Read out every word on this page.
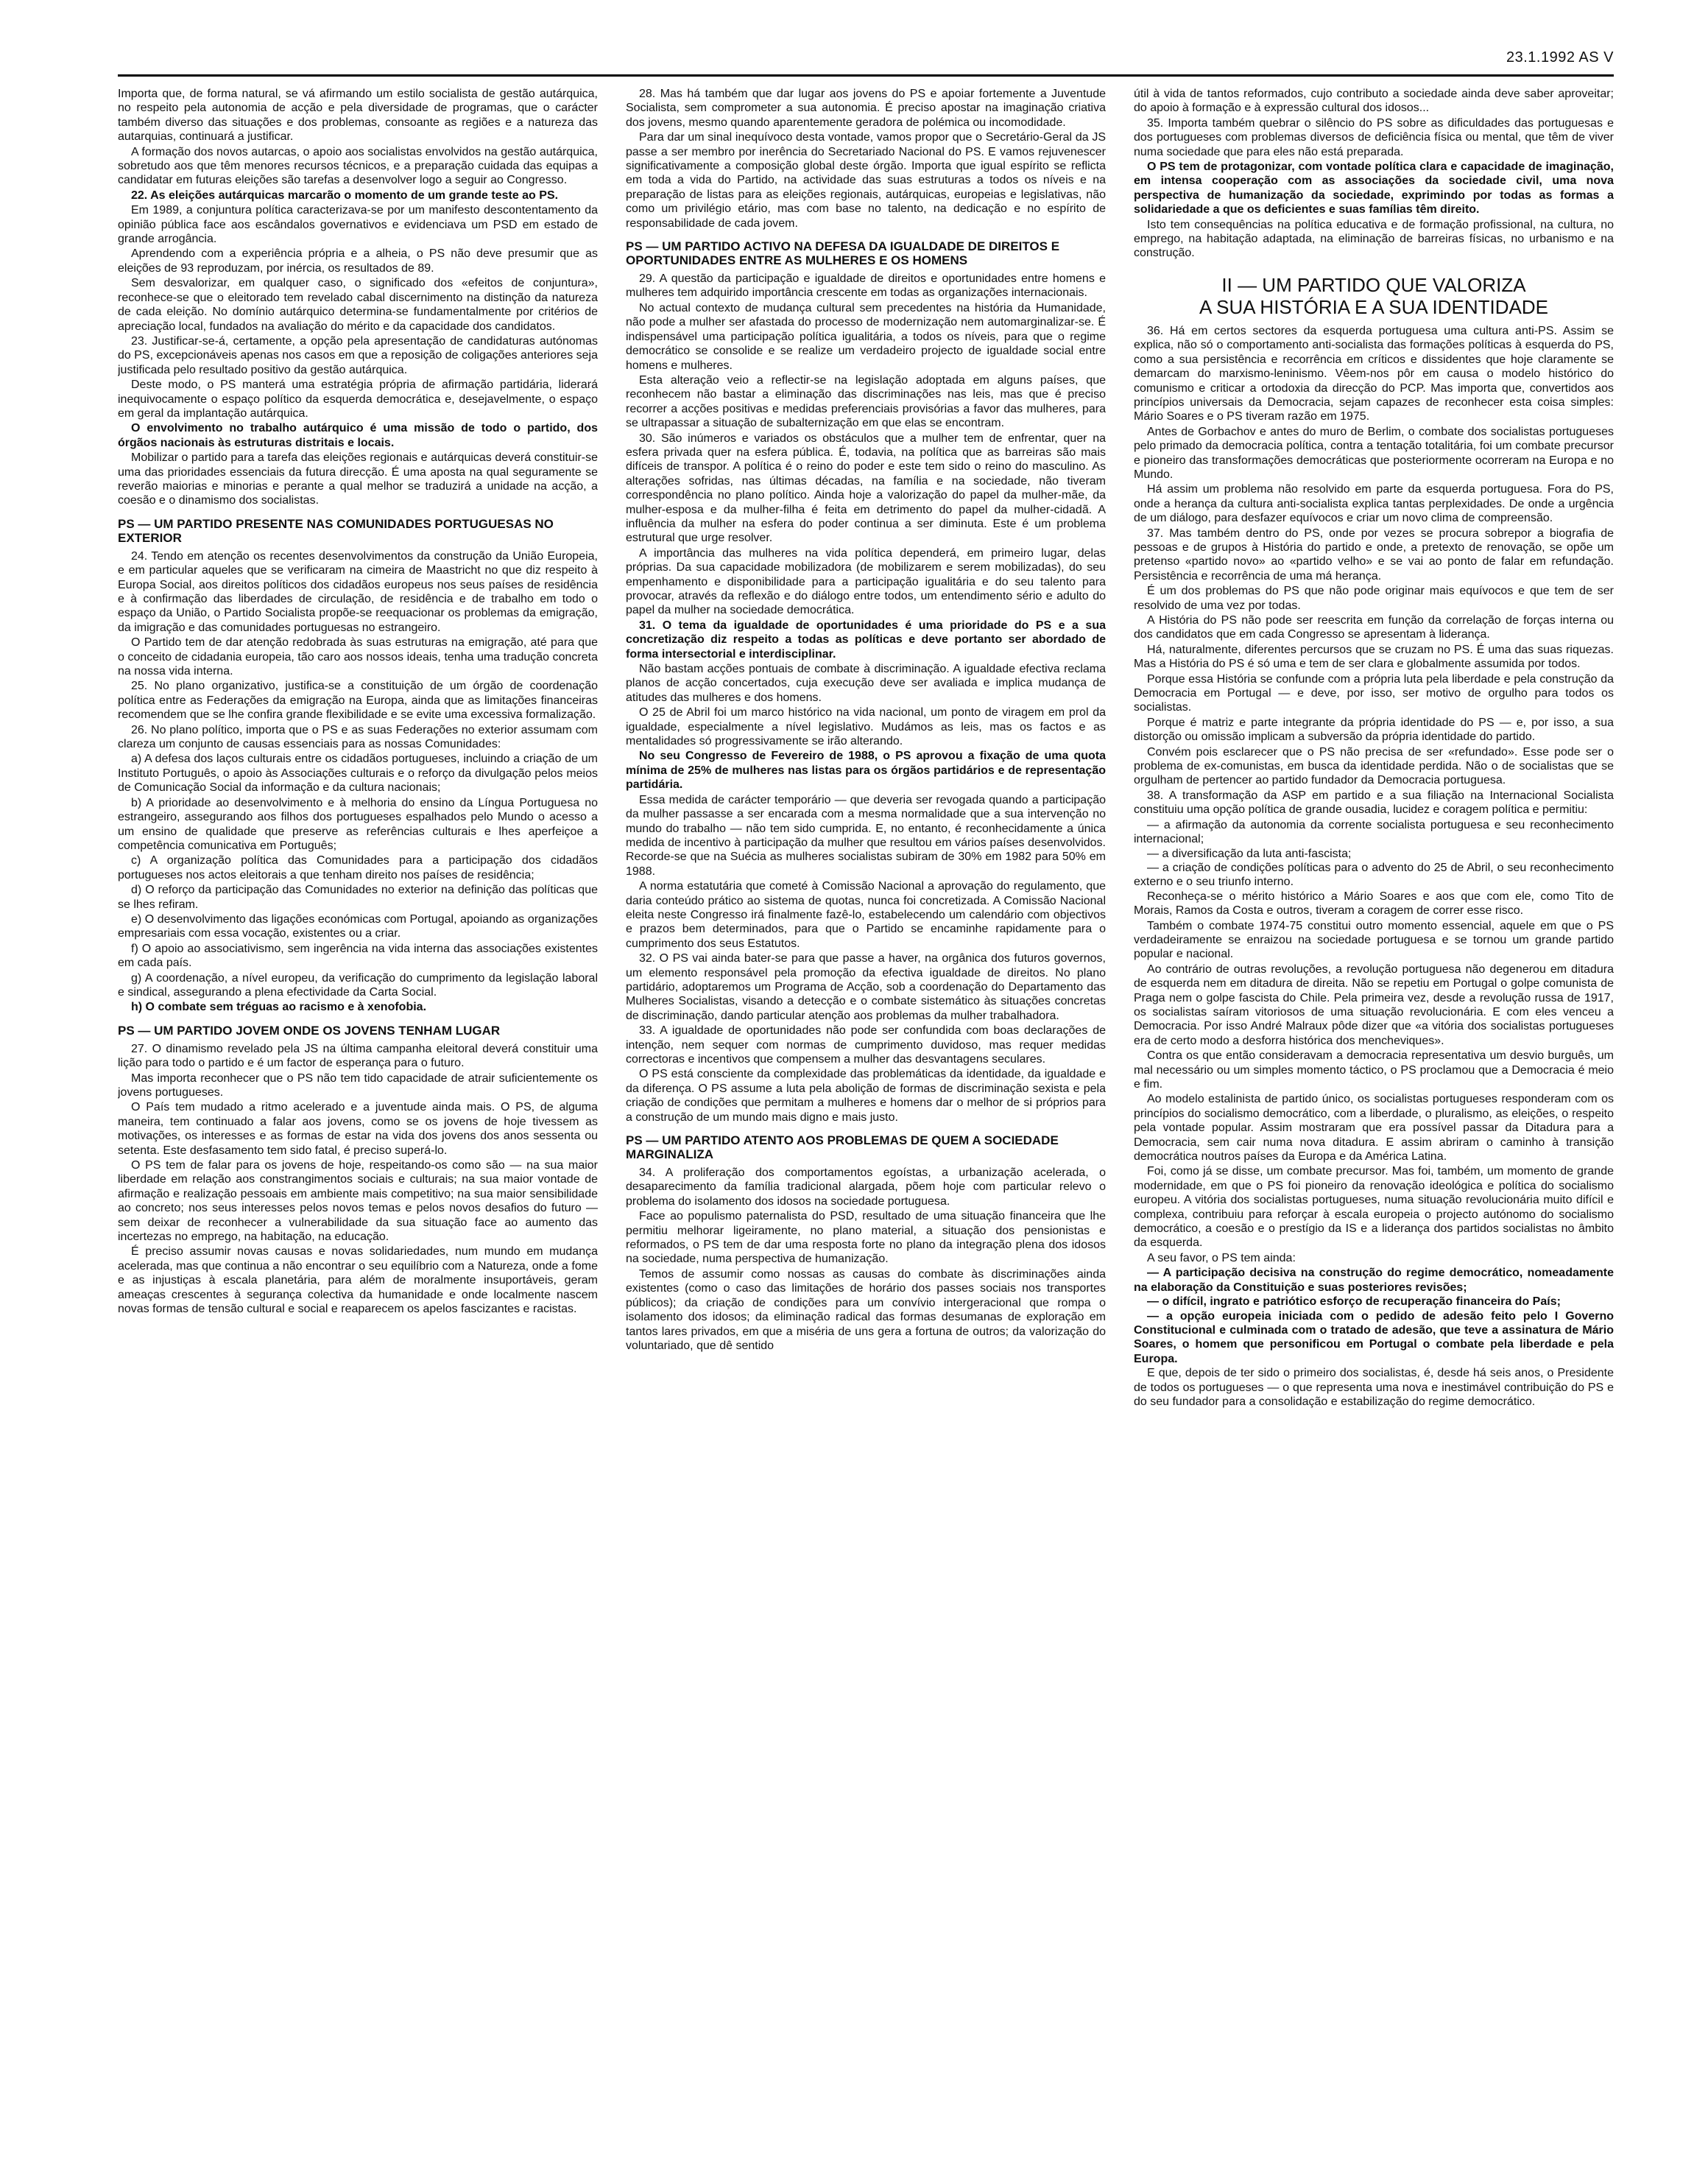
23.1.1992 AS V

Importa que, de forma natural, se vá afirmando um estilo socialista de gestão autárquica, no respeito pela autonomia de acção e pela diversidade de programas, que o carácter também diverso das situações e dos problemas, consoante as regiões e a natureza das autarquias, continuará a justificar.

A formação dos novos autarcas, o apoio aos socialistas envolvidos na gestão autárquica, sobretudo aos que têm menores recursos técnicos, e a preparação cuidada das equipas a candidatar em futuras eleições são tarefas a desenvolver logo a seguir ao Congresso.

22. As eleições autárquicas marcarão o momento de um grande teste ao PS.

Em 1989, a conjuntura política caracterizava-se por um manifesto descontentamento da opinião pública face aos escândalos governativos e evidenciava um PSD em estado de grande arrogância.

Aprendendo com a experiência própria e a alheia, o PS não deve presumir que as eleições de 93 reproduzam, por inércia, os resultados de 89.

Sem desvalorizar, em qualquer caso, o significado dos «efeitos de conjuntura», reconhece-se que o eleitorado tem revelado cabal discernimento na distinção da natureza de cada eleição. No domínio autárquico determina-se fundamentalmente por critérios de apreciação local, fundados na avaliação do mérito e da capacidade dos candidatos.

23. Justificar-se-á, certamente, a opção pela apresentação de candidaturas autónomas do PS, excepcionáveis apenas nos casos em que a reposição de coligações anteriores seja justificada pelo resultado positivo da gestão autárquica.

Deste modo, o PS manterá uma estratégia própria de afirmação partidária, liderará inequivocamente o espaço político da esquerda democrática e, desejavelmente, o espaço em geral da implantação autárquica.

O envolvimento no trabalho autárquico é uma missão de todo o partido, dos órgãos nacionais às estruturas distritais e locais.

Mobilizar o partido para a tarefa das eleições regionais e autárquicas deverá constituir-se uma das prioridades essenciais da futura direcção. É uma aposta na qual seguramente se reverão maiorias e minorias e perante a qual melhor se traduzirá a unidade na acção, a coesão e o dinamismo dos socialistas.

PS — UM PARTIDO PRESENTE NAS COMUNIDADES PORTUGUESAS NO EXTERIOR

24. Tendo em atenção os recentes desenvolvimentos da construção da União Europeia, e em particular aqueles que se verificaram na cimeira de Maastricht no que diz respeito à Europa Social, aos direitos políticos dos cidadãos europeus nos seus países de residência e à confirmação das liberdades de circulação, de residência e de trabalho em todo o espaço da União, o Partido Socialista propõe-se reequacionar os problemas da emigração, da imigração e das comunidades portuguesas no estrangeiro.

O Partido tem de dar atenção redobrada às suas estruturas na emigração, até para que o conceito de cidadania europeia, tão caro aos nossos ideais, tenha uma tradução concreta na nossa vida interna.

25. No plano organizativo, justifica-se a constituição de um órgão de coordenação política entre as Federações da emigração na Europa, ainda que as limitações financeiras recomendem que se lhe confira grande flexibilidade e se evite uma excessiva formalização.

26. No plano político, importa que o PS e as suas Federações no exterior assumam com clareza um conjunto de causas essenciais para as nossas Comunidades:

a) A defesa dos laços culturais entre os cidadãos portugueses, incluindo a criação de um Instituto Português, o apoio às Associações culturais e o reforço da divulgação pelos meios de Comunicação Social da informação e da cultura nacionais;

b) A prioridade ao desenvolvimento e à melhoria do ensino da Língua Portuguesa no estrangeiro, assegurando aos filhos dos portugueses espalhados pelo Mundo o acesso a um ensino de qualidade que preserve as referências culturais e lhes aperfeiçoe a competência comunicativa em Português;

c) A organização política das Comunidades para a participação dos cidadãos portugueses nos actos eleitorais a que tenham direito nos países de residência;

d) O reforço da participação das Comunidades no exterior na definição das políticas que se lhes refiram.

e) O desenvolvimento das ligações económicas com Portugal, apoiando as organizações empresariais com essa vocação, existentes ou a criar.

f) O apoio ao associativismo, sem ingerência na vida interna das associações existentes em cada país.

g) A coordenação, a nível europeu, da verificação do cumprimento da legislação laboral e sindical, assegurando a plena efectividade da Carta Social.

h) O combate sem tréguas ao racismo e à xenofobia.

PS — UM PARTIDO JOVEM ONDE OS JOVENS TENHAM LUGAR

27. O dinamismo revelado pela JS na última campanha eleitoral deverá constituir uma lição para todo o partido e é um factor de esperança para o futuro.

Mas importa reconhecer que o PS não tem tido capacidade de atrair suficientemente os jovens portugueses.

O País tem mudado a ritmo acelerado e a juventude ainda mais. O PS, de alguma maneira, tem continuado a falar aos jovens, como se os jovens de hoje tivessem as motivações, os interesses e as formas de estar na vida dos jovens dos anos sessenta ou setenta. Este desfasamento tem sido fatal, é preciso superá-lo.

O PS tem de falar para os jovens de hoje, respeitando-os como são — na sua maior liberdade em relação aos constrangimentos sociais e culturais; na sua maior vontade de afirmação e realização pessoais em ambiente mais competitivo; na sua maior sensibilidade ao concreto; nos seus interesses pelos novos temas e pelos novos desafios do futuro — sem deixar de reconhecer a vulnerabilidade da sua situação face ao aumento das incertezas no emprego, na habitação, na educação.

É preciso assumir novas causas e novas solidariedades, num mundo em mudança acelerada, mas que continua a não encontrar o seu equilíbrio com a Natureza, onde a fome e as injustiças à escala planetária, para além de moralmente insuportáveis, geram ameaças crescentes à segurança colectiva da humanidade e onde localmente nascem novas formas de tensão cultural e social e reaparecem os apelos fascizantes e racistas.

28. Mas há também que dar lugar aos jovens do PS e apoiar fortemente a Juventude Socialista, sem comprometer a sua autonomia. É preciso apostar na imaginação criativa dos jovens, mesmo quando aparentemente geradora de polémica ou incomodidade.

Para dar um sinal inequívoco desta vontade, vamos propor que o Secretário-Geral da JS passe a ser membro por inerência do Secretariado Nacional do PS. E vamos rejuvenescer significativamente a composição global deste órgão. Importa que igual espírito se reflicta em toda a vida do Partido, na actividade das suas estruturas a todos os níveis e na preparação de listas para as eleições regionais, autárquicas, europeias e legislativas, não como um privilégio etário, mas com base no talento, na dedicação e no espírito de responsabilidade de cada jovem.

PS — UM PARTIDO ACTIVO NA DEFESA DA IGUALDADE DE DIREITOS E OPORTUNIDADES ENTRE AS MULHERES E OS HOMENS

29. A questão da participação e igualdade de direitos e oportunidades entre homens e mulheres tem adquirido importância crescente em todas as organizações internacionais.

No actual contexto de mudança cultural sem precedentes na história da Humanidade, não pode a mulher ser afastada do processo de modernização nem automarginalizar-se. É indispensável uma participação política igualitária, a todos os níveis, para que o regime democrático se consolide e se realize um verdadeiro projecto de igualdade social entre homens e mulheres.

Esta alteração veio a reflectir-se na legislação adoptada em alguns países, que reconhecem não bastar a eliminação das discriminações nas leis, mas que é preciso recorrer a acções positivas e medidas preferenciais provisórias a favor das mulheres, para se ultrapassar a situação de subalternização em que elas se encontram.

30. São inúmeros e variados os obstáculos que a mulher tem de enfrentar, quer na esfera privada quer na esfera pública. É, todavia, na política que as barreiras são mais difíceis de transpor. A política é o reino do poder e este tem sido o reino do masculino. As alterações sofridas, nas últimas décadas, na família e na sociedade, não tiveram correspondência no plano político. Ainda hoje a valorização do papel da mulher-mãe, da mulher-esposa e da mulher-filha é feita em detrimento do papel da mulher-cidadã. A influência da mulher na esfera do poder continua a ser diminuta. Este é um problema estrutural que urge resolver.

A importância das mulheres na vida política dependerá, em primeiro lugar, delas próprias. Da sua capacidade mobilizadora (de mobilizarem e serem mobilizadas), do seu empenhamento e disponibilidade para a participação igualitária e do seu talento para provocar, através da reflexão e do diálogo entre todos, um entendimento sério e adulto do papel da mulher na sociedade democrática.

31. O tema da igualdade de oportunidades é uma prioridade do PS e a sua concretização diz respeito a todas as políticas e deve portanto ser abordado de forma intersectorial e interdisciplinar.

Não bastam acções pontuais de combate à discriminação. A igualdade efectiva reclama planos de acção concertados, cuja execução deve ser avaliada e implica mudança de atitudes das mulheres e dos homens.

O 25 de Abril foi um marco histórico na vida nacional, um ponto de viragem em prol da igualdade, especialmente a nível legislativo. Mudámos as leis, mas os factos e as mentalidades só progressivamente se irão alterando.

No seu Congresso de Fevereiro de 1988, o PS aprovou a fixação de uma quota mínima de 25% de mulheres nas listas para os órgãos partidários e de representação partidária.

Essa medida de carácter temporário — que deveria ser revogada quando a participação da mulher passasse a ser encarada com a mesma normalidade que a sua intervenção no mundo do trabalho — não tem sido cumprida. E, no entanto, é reconhecidamente a única medida de incentivo à participação da mulher que resultou em vários países desenvolvidos. Recorde-se que na Suécia as mulheres socialistas subiram de 30% em 1982 para 50% em 1988.

A norma estatutária que cometé à Comissão Nacional a aprovação do regulamento, que daria conteúdo prático ao sistema de quotas, nunca foi concretizada. A Comissão Nacional eleita neste Congresso irá finalmente fazê-lo, estabelecendo um calendário com objectivos e prazos bem determinados, para que o Partido se encaminhe rapidamente para o cumprimento dos seus Estatutos.

32. O PS vai ainda bater-se para que passe a haver, na orgânica dos futuros governos, um elemento responsável pela promoção da efectiva igualdade de direitos. No plano partidário, adoptaremos um Programa de Acção, sob a coordenação do Departamento das Mulheres Socialistas, visando a detecção e o combate sistemático às situações concretas de discriminação, dando particular atenção aos problemas da mulher trabalhadora.

33. A igualdade de oportunidades não pode ser confundida com boas declarações de intenção, nem sequer com normas de cumprimento duvidoso, mas requer medidas correctoras e incentivos que compensem a mulher das desvantagens seculares.

O PS está consciente da complexidade das problemáticas da identidade, da igualdade e da diferença. O PS assume a luta pela abolição de formas de discriminação sexista e pela criação de condições que permitam a mulheres e homens dar o melhor de si próprios para a construção de um mundo mais digno e mais justo.

PS — UM PARTIDO ATENTO AOS PROBLEMAS DE QUEM A SOCIEDADE MARGINALIZA

34. A proliferação dos comportamentos egoístas, a urbanização acelerada, o desaparecimento da família tradicional alargada, põem hoje com particular relevo o problema do isolamento dos idosos na sociedade portuguesa.

Face ao populismo paternalista do PSD, resultado de uma situação financeira que lhe permitiu melhorar ligeiramente, no plano material, a situação dos pensionistas e reformados, o PS tem de dar uma resposta forte no plano da integração plena dos idosos na sociedade, numa perspectiva de humanização.

Temos de assumir como nossas as causas do combate às discriminações ainda existentes (como o caso das limitações de horário dos passes sociais nos transportes públicos); da criação de condições para um convívio intergeracional que rompa o isolamento dos idosos; da eliminação radical das formas desumanas de exploração em tantos lares privados, em que a miséria de uns gera a fortuna de outros; da valorização do voluntariado, que dê sentido

útil à vida de tantos reformados, cujo contributo a sociedade ainda deve saber aproveitar; do apoio à formação e à expressão cultural dos idosos...

35. Importa também quebrar o silêncio do PS sobre as dificuldades das portuguesas e dos portugueses com problemas diversos de deficiência física ou mental, que têm de viver numa sociedade que para eles não está preparada.

O PS tem de protagonizar, com vontade política clara e capacidade de imaginação, em intensa cooperação com as associações da sociedade civil, uma nova perspectiva de humanização da sociedade, exprimindo por todas as formas a solidariedade a que os deficientes e suas famílias têm direito.

Isto tem consequências na política educativa e de formação profissional, na cultura, no emprego, na habitação adaptada, na eliminação de barreiras físicas, no urbanismo e na construção.

II — UM PARTIDO QUE VALORIZA
A SUA HISTÓRIA E A SUA IDENTIDADE

36. Há em certos sectores da esquerda portuguesa uma cultura anti-PS. Assim se explica, não só o comportamento anti-socialista das formações políticas à esquerda do PS, como a sua persistência e recorrência em críticos e dissidentes que hoje claramente se demarcam do marxismo-leninismo. Vêem-nos pôr em causa o modelo histórico do comunismo e criticar a ortodoxia da direcção do PCP. Mas importa que, convertidos aos princípios universais da Democracia, sejam capazes de reconhecer esta coisa simples: Mário Soares e o PS tiveram razão em 1975.

Antes de Gorbachov e antes do muro de Berlim, o combate dos socialistas portugueses pelo primado da democracia política, contra a tentação totalitária, foi um combate precursor e pioneiro das transformações democráticas que posteriormente ocorreram na Europa e no Mundo.

Há assim um problema não resolvido em parte da esquerda portuguesa. Fora do PS, onde a herança da cultura anti-socialista explica tantas perplexidades. De onde a urgência de um diálogo, para desfazer equívocos e criar um novo clima de compreensão.

37. Mas também dentro do PS, onde por vezes se procura sobrepor a biografia de pessoas e de grupos à História do partido e onde, a pretexto de renovação, se opõe um pretenso «partido novo» ao «partido velho» e se vai ao ponto de falar em refundação. Persistência e recorrência de uma má herança.

É um dos problemas do PS que não pode originar mais equívocos e que tem de ser resolvido de uma vez por todas.

A História do PS não pode ser reescrita em função da correlação de forças interna ou dos candidatos que em cada Congresso se apresentam à liderança.

Há, naturalmente, diferentes percursos que se cruzam no PS. É uma das suas riquezas. Mas a História do PS é só uma e tem de ser clara e globalmente assumida por todos.

Porque essa História se confunde com a própria luta pela liberdade e pela construção da Democracia em Portugal — e deve, por isso, ser motivo de orgulho para todos os socialistas.

Porque é matriz e parte integrante da própria identidade do PS — e, por isso, a sua distorção ou omissão implicam a subversão da própria identidade do partido.

Convém pois esclarecer que o PS não precisa de ser «refundado». Esse pode ser o problema de ex-comunistas, em busca da identidade perdida. Não o de socialistas que se orgulham de pertencer ao partido fundador da Democracia portuguesa.

38. A transformação da ASP em partido e a sua filiação na Internacional Socialista constituiu uma opção política de grande ousadia, lucidez e coragem política e permitiu:

— a afirmação da autonomia da corrente socialista portuguesa e seu reconhecimento internacional;
— a diversificação da luta anti-fascista;
— a criação de condições políticas para o advento do 25 de Abril, o seu reconhecimento externo e o seu triunfo interno.

Reconheça-se o mérito histórico a Mário Soares e aos que com ele, como Tito de Morais, Ramos da Costa e outros, tiveram a coragem de correr esse risco.

Também o combate 1974-75 constitui outro momento essencial, aquele em que o PS verdadeiramente se enraizou na sociedade portuguesa e se tornou um grande partido popular e nacional.

Ao contrário de outras revoluções, a revolução portuguesa não degenerou em ditadura de esquerda nem em ditadura de direita. Não se repetiu em Portugal o golpe comunista de Praga nem o golpe fascista do Chile. Pela primeira vez, desde a revolução russa de 1917, os socialistas saíram vitoriosos de uma situação revolucionária. E com eles venceu a Democracia. Por isso André Malraux pôde dizer que «a vitória dos socialistas portugueses era de certo modo a desforra histórica dos mencheviques».

Contra os que então consideravam a democracia representativa um desvio burguês, um mal necessário ou um simples momento táctico, o PS proclamou que a Democracia é meio e fim.

Ao modelo estalinista de partido único, os socialistas portugueses responderam com os princípios do socialismo democrático, com a liberdade, o pluralismo, as eleições, o respeito pela vontade popular. Assim mostraram que era possível passar da Ditadura para a Democracia, sem cair numa nova ditadura. E assim abriram o caminho à transição democrática noutros países da Europa e da América Latina.

Foi, como já se disse, um combate precursor. Mas foi, também, um momento de grande modernidade, em que o PS foi pioneiro da renovação ideológica e política do socialismo europeu. A vitória dos socialistas portugueses, numa situação revolucionária muito difícil e complexa, contribuiu para reforçar à escala europeia o projecto autónomo do socialismo democrático, a coesão e o prestígio da IS e a liderança dos partidos socialistas no âmbito da esquerda.

A seu favor, o PS tem ainda:

— A participação decisiva na construção do regime democrático, nomeadamente na elaboração da Constituição e suas posteriores revisões;
— o difícil, ingrato e patriótico esforço de recuperação financeira do País;
— a opção europeia iniciada com o pedido de adesão feito pelo I Governo Constitucional e culminada com o tratado de adesão, que teve a assinatura de Mário Soares, o homem que personificou em Portugal o combate pela liberdade e pela Europa.

E que, depois de ter sido o primeiro dos socialistas, é, desde há seis anos, o Presidente de todos os portugueses — o que representa uma nova e inestimável contribuição do PS e do seu fundador para a consolidação e estabilização do regime democrático.
